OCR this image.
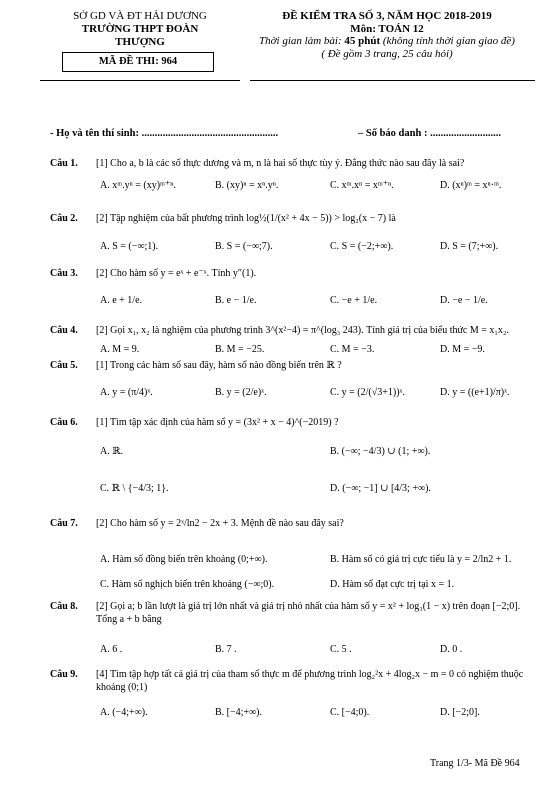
SỞ GD VÀ ĐT HẢI DƯƠNG
TRƯỜNG THPT ĐOÀN
THƯỢNG
MÃ ĐỀ THI: 964
ĐỀ KIỂM TRA SỐ 3, NĂM HỌC 2018-2019
Môn: TOÁN 12
Thời gian làm bài: 45 phút (không tính thời gian giao đề)
( Đề gồm 3 trang, 25 câu hỏi)
- Họ và tên thí sinh: ....................................................	– Số báo danh : ...........................
Câu 1. [1] Cho a, b là các số thực dương và m, n là hai số thực tùy ý. Đẳng thức nào sau đây là sai?
A. xᵐ.yⁿ = (xy)ᵐ⁺ⁿ.	B. (xy)ⁿ = xⁿ.yⁿ.	C. xᵐ.xⁿ = xᵐ⁺ⁿ.	D. (xⁿ)ᵐ = xⁿ·ᵐ.
Câu 2. [2] Tập nghiệm của bất phương trình log½(1/(x² + 4x − 5)) > log₂(x − 7) là
A. S = (−∞;1).	B. S = (−∞;7).	C. S = (−2;+∞).	D. S = (7;+∞).
Câu 3. [2] Cho hàm số y = eˣ + e⁻ˣ. Tính y″(1).
A. e + 1/e.	B. e − 1/e.	C. −e + 1/e.	D. −e − 1/e.
Câu 4. [2] Gọi x₁, x₂ là nghiệm của phương trình 3^(x²−4) = π^(log₃ 243). Tính giá trị của biểu thức M = x₁x₂.
A. M = 9.	B. M = −25.	C. M = −3.	D. M = −9.
Câu 5. [1] Trong các hàm số sau đây, hàm số nào đồng biến trên ℝ ?
A. y = (π/4)ˣ.	B. y = (2/e)ˣ.	C. y = (2/(√3+1))ˣ.	D. y = ((e+1)/π)ˣ.
Câu 6. [1] Tìm tập xác định của hàm số y = (3x² + x − 4)^(−2019) ?
A. ℝ.	B. (−∞; −4/3) ∪ (1; +∞).
C. ℝ \ {−4/3; 1}.	D. (−∞; −1] ∪ [4/3; +∞).
Câu 7. [2] Cho hàm số y = 2ˣ/ln2 − 2x + 3. Mệnh đề nào sau đây sai?
A. Hàm số đồng biến trên khoảng (0;+∞).	B. Hàm số có giá trị cực tiểu là y = 2/ln2 + 1.
C. Hàm số nghịch biến trên khoảng (−∞;0).	D. Hàm số đạt cực trị tại x = 1.
Câu 8. [2] Gọi a; b lần lượt là giá trị lớn nhất và giá trị nhỏ nhất của hàm số y = x² + log₃(1 − x) trên đoạn [−2;0]. Tổng a + b bằng
A. 6 .	B. 7 .	C. 5 .	D. 0 .
Câu 9. [4] Tìm tập hợp tất cả giá trị của tham số thực m để phương trình log₂²x + 4log₂x − m = 0 có nghiệm thuộc khoảng (0;1)
A. (−4;+∞).	B. [−4;+∞).	C. [−4;0).	D. [−2;0].
Trang 1/3- Mã Đề 964
